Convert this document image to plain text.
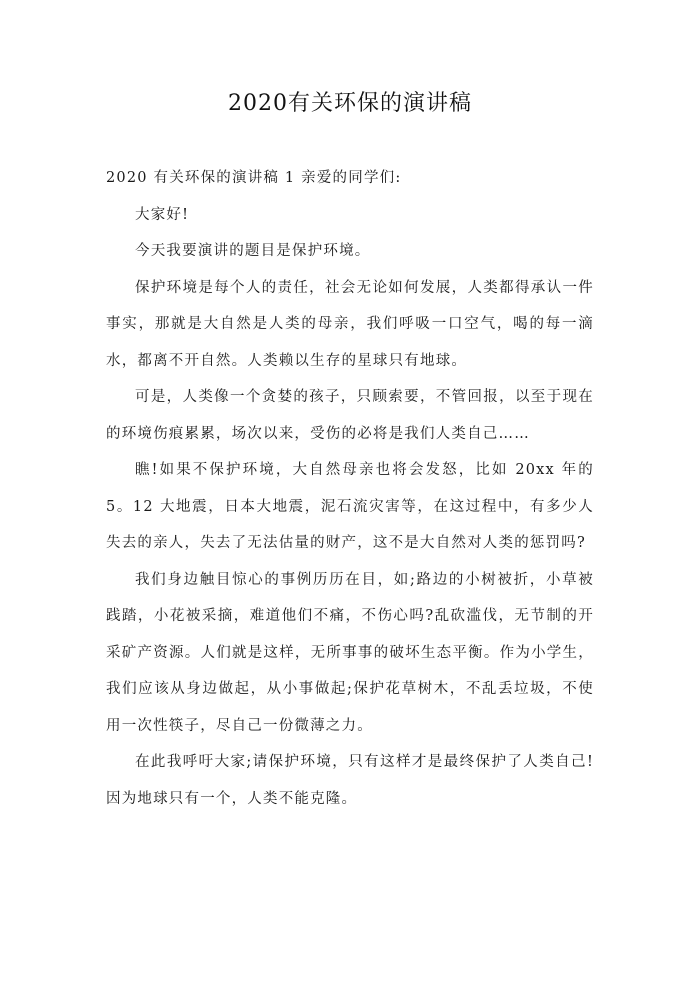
2020有关环保的演讲稿

2020 有关环保的演讲稿 1 亲爱的同学们:

大家好!

今天我要演讲的题目是保护环境。

保护环境是每个人的责任，社会无论如何发展，人类都得承认一件事实，那就是大自然是人类的母亲，我们呼吸一口空气，喝的每一滴水，都离不开自然。人类赖以生存的星球只有地球。

可是，人类像一个贪婪的孩子，只顾索要，不管回报，以至于现在的环境伤痕累累，场次以来，受伤的必将是我们人类自己……

瞧!如果不保护环境，大自然母亲也将会发怒，比如 20xx 年的 5。12 大地震，日本大地震，泥石流灾害等，在这过程中，有多少人失去的亲人，失去了无法估量的财产，这不是大自然对人类的惩罚吗?

我们身边触目惊心的事例历历在目，如;路边的小树被折，小草被践踏，小花被采摘，难道他们不痛，不伤心吗?乱砍滥伐，无节制的开采矿产资源。人们就是这样，无所事事的破坏生态平衡。作为小学生，我们应该从身边做起，从小事做起;保护花草树木，不乱丢垃圾，不使用一次性筷子，尽自己一份微薄之力。

在此我呼吁大家;请保护环境，只有这样才是最终保护了人类自己!因为地球只有一个，人类不能克隆。
